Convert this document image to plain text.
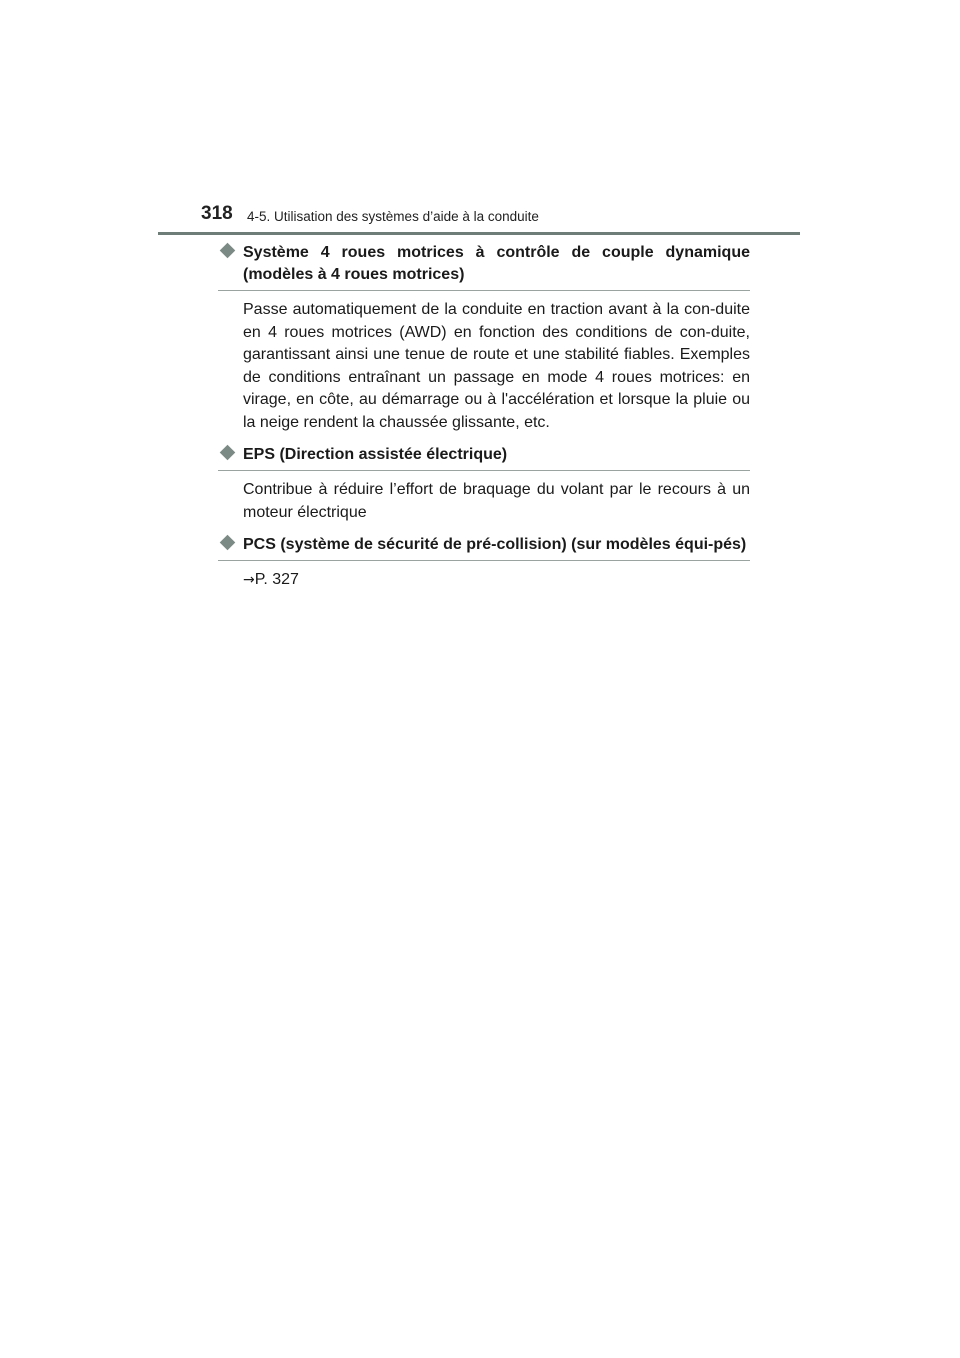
318 4-5. Utilisation des systèmes d’aide à la conduite
Système 4 roues motrices à contrôle de couple dynamique (modèles à 4 roues motrices)
Passe automatiquement de la conduite en traction avant à la con-duite en 4 roues motrices (AWD) en fonction des conditions de con-duite, garantissant ainsi une tenue de route et une stabilité fiables. Exemples de conditions entraînant un passage en mode 4 roues motrices: en virage, en côte, au démarrage ou à l'accélération et lorsque la pluie ou la neige rendent la chaussée glissante, etc.
EPS (Direction assistée électrique)
Contribue à réduire l’effort de braquage du volant par le recours à un moteur électrique
PCS (système de sécurité de pré-collision) (sur modèles équi-pés)
→P. 327
